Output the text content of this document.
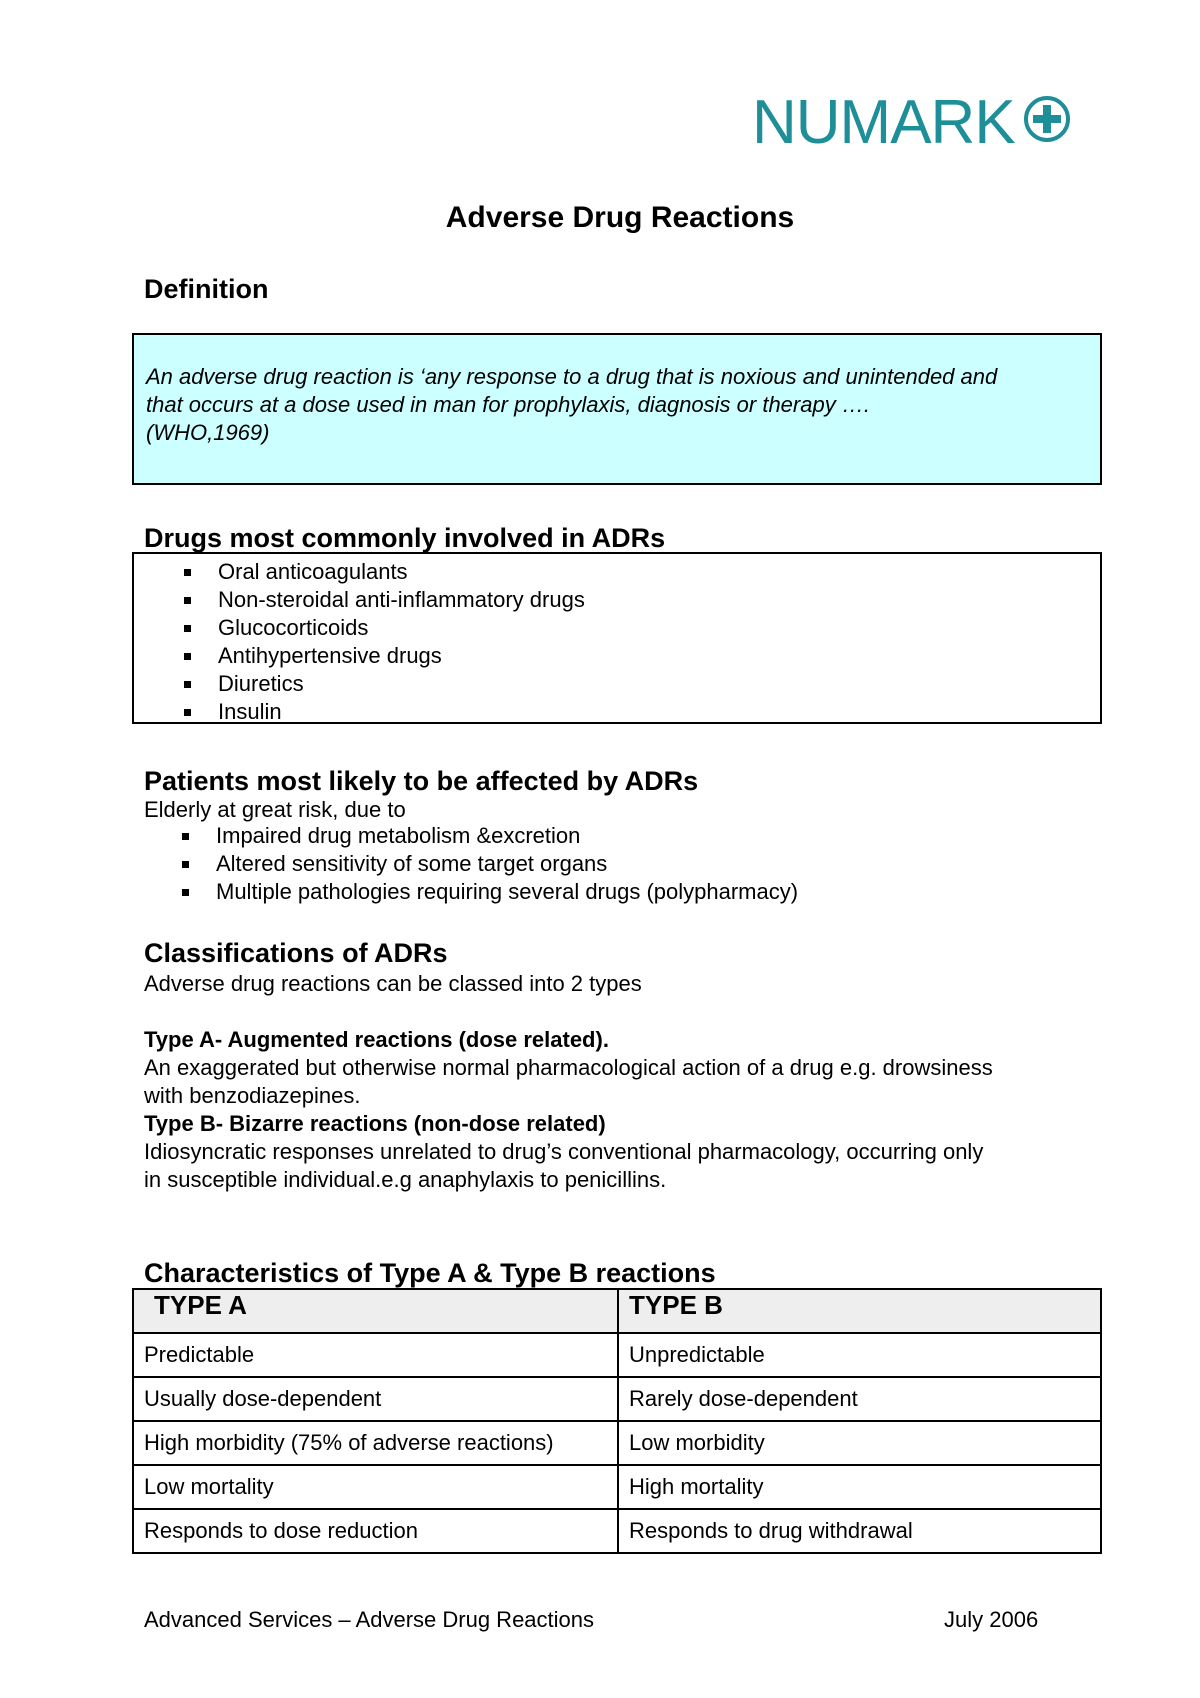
NUMARK
Adverse Drug Reactions
Definition

An adverse drug reaction is ‘any response to a drug that is noxious and unintended and
that occurs at a dose used in man for prophylaxis, diagnosis or therapy ….
(WHO,1969)

Drugs most commonly involved in ADRs
Oral anticoagulants
Non-steroidal anti-inflammatory drugs
Glucocorticoids
Antihypertensive drugs
Diuretics
Insulin
Patients most likely to be affected by ADRs
Elderly at great risk, due to
Impaired drug metabolism &excretion
Altered sensitivity of some target organs
Multiple pathologies requiring several drugs (polypharmacy)
Classifications of ADRs
Adverse drug reactions can be classed into 2 types
Type A- Augmented reactions (dose related).
An exaggerated but otherwise normal pharmacological action of a drug e.g. drowsiness
with benzodiazepines.
Type B- Bizarre reactions (non-dose related)
Idiosyncratic responses unrelated to drug’s conventional pharmacology, occurring only
in susceptible individual.e.g anaphylaxis to penicillins.
Characteristics of Type A & Type B reactions
TYPE A	TYPE B
Predictable	Unpredictable
Usually dose-dependent	Rarely dose-dependent
High morbidity (75% of adverse reactions)	Low morbidity
Low mortality	High mortality
Responds to dose reduction	Responds to drug withdrawal
Advanced Services – Adverse Drug Reactions	July 2006
